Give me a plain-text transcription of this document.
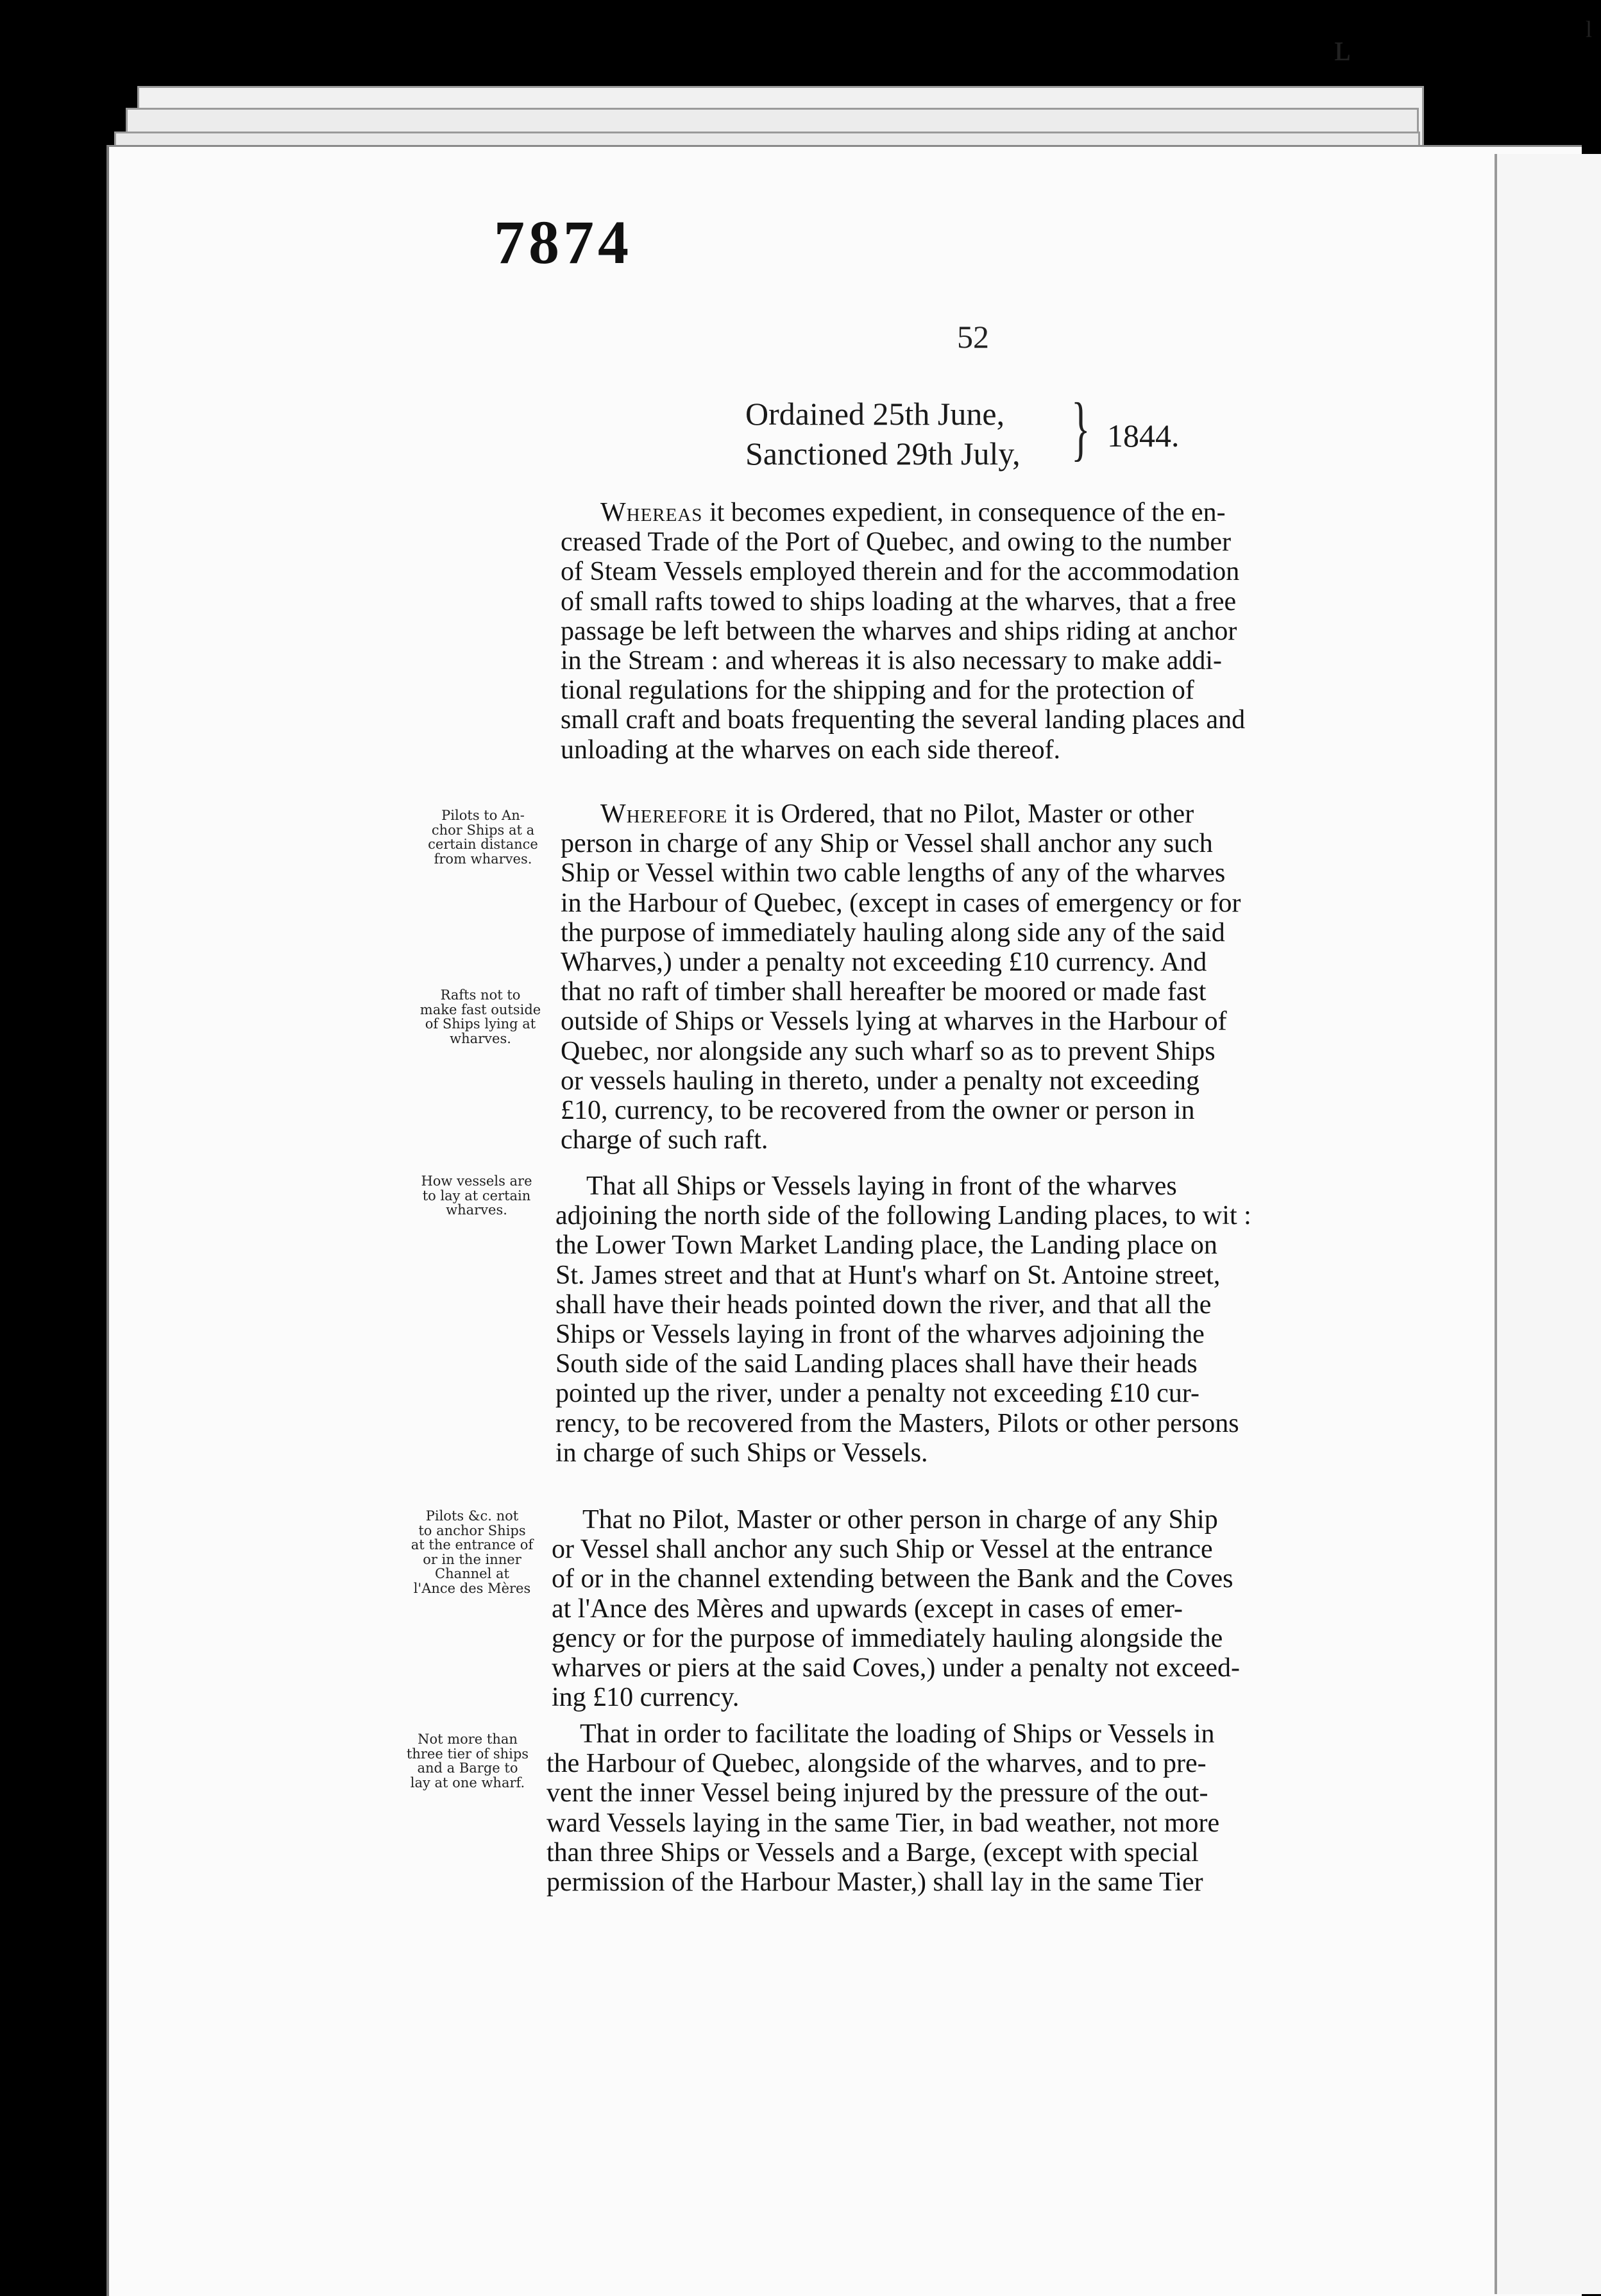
ˡ
ʟ
7874
52
Ordained 25th June,
Sanctioned 29th July, } 1844.

Whereas it becomes expedient, in consequence of the en-
creased Trade of the Port of Quebec, and owing to the number
of Steam Vessels employed therein and for the accommodation
of small rafts towed to ships loading at the wharves, that a free
passage be left between the wharves and ships riding at anchor
in the Stream : and whereas it is also necessary to make addi-
tional regulations for the shipping and for the protection of
small craft and boats frequenting the several landing places and
unloading at the wharves on each side thereof.

Wherefore it is Ordered, that no Pilot, Master or other
person in charge of any Ship or Vessel shall anchor any such
Ship or Vessel within two cable lengths of any of the wharves
in the Harbour of Quebec, (except in cases of emergency or for
the purpose of immediately hauling along side any of the said
Wharves,) under a penalty not exceeding £10 currency. And
that no raft of timber shall hereafter be moored or made fast
outside of Ships or Vessels lying at wharves in the Harbour of
Quebec, nor alongside any such wharf so as to prevent Ships
or vessels hauling in thereto, under a penalty not exceeding
£10, currency, to be recovered from the owner or person in
charge of such raft.

That all Ships or Vessels laying in front of the wharves
adjoining the north side of the following Landing places, to wit :
the Lower Town Market Landing place, the Landing place on
St. James street and that at Hunt's wharf on St. Antoine street,
shall have their heads pointed down the river, and that all the
Ships or Vessels laying in front of the wharves adjoining the
South side of the said Landing places shall have their heads
pointed up the river, under a penalty not exceeding £10 cur-
rency, to be recovered from the Masters, Pilots or other persons
in charge of such Ships or Vessels.

That no Pilot, Master or other person in charge of any Ship
or Vessel shall anchor any such Ship or Vessel at the entrance
of or in the channel extending between the Bank and the Coves
at l'Ance des Mères and upwards (except in cases of emer-
gency or for the purpose of immediately hauling alongside the
wharves or piers at the said Coves,) under a penalty not exceed-
ing £10 currency.

That in order to facilitate the loading of Ships or Vessels in
the Harbour of Quebec, alongside of the wharves, and to pre-
vent the inner Vessel being injured by the pressure of the out-
ward Vessels laying in the same Tier, in bad weather, not more
than three Ships or Vessels and a Barge, (except with special
permission of the Harbour Master,) shall lay in the same Tier

Pilots to An-
chor Ships at a
certain distance
from wharves.

Rafts not to
make fast outside
of Ships lying at
wharves.

How vessels are
to lay at certain
wharves.

Pilots &c. not
to anchor Ships
at the entrance of
or in the inner
Channel at
l'Ance des Mères

Not more than
three tier of ships
and a Barge to
lay at one wharf.
